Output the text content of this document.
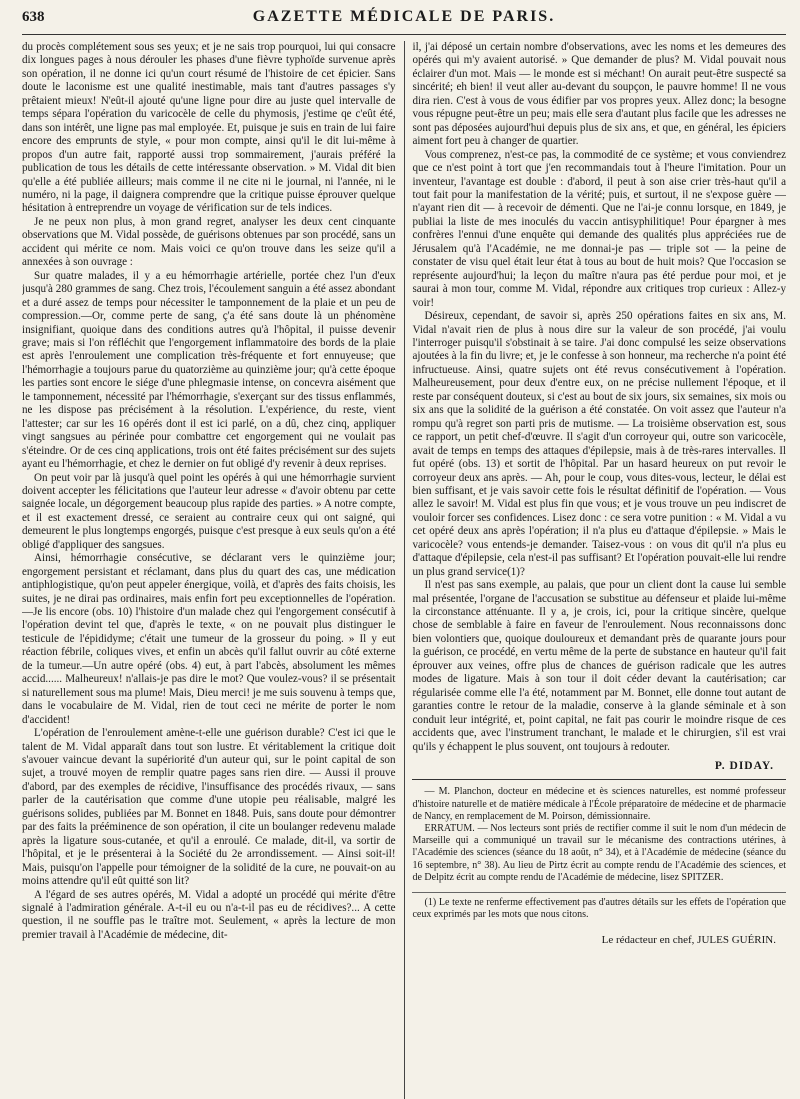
638	GAZETTE MÉDICALE DE PARIS.

du procès complétement sous ses yeux; et je ne sais trop pourquoi, lui qui consacre dix longues pages à nous dérouler les phases d'une fièvre typhoïde survenue après son opération, il ne donne ici qu'un court résumé de l'histoire de cet épicier. Sans doute le laconisme est une qualité inestimable, mais tant d'autres passages s'y prêtaient mieux! N'eût-il ajouté qu'une ligne pour dire au juste quel intervalle de temps sépara l'opération du varicocèle de celle du phymosis, j'estime qe c'eût été, dans son intérêt, une ligne pas mal employée. Et, puisque je suis en train de lui faire encore des emprunts de style, « pour mon compte, ainsi qu'il le dit lui-même à propos d'un autre fait, rapporté aussi trop sommairement, j'aurais préféré la publication de tous les détails de cette intéressante observation. » M. Vidal dit bien qu'elle a été publiée ailleurs; mais comme il ne cite ni le journal, ni l'année, ni le numéro, ni la page, il daignera comprendre que la critique puisse éprouver quelque hésitation à entreprendre un voyage de vérification sur de tels indices.

Je ne peux non plus, à mon grand regret, analyser les deux cent cinquante observations que M. Vidal possède, de guérisons obtenues par son procédé, sans un accident qui mérite ce nom. Mais voici ce qu'on trouve dans les seize qu'il a annexées à son ouvrage :

Sur quatre malades, il y a eu hémorrhagie artérielle, portée chez l'un d'eux jusqu'à 280 grammes de sang. Chez trois, l'écoulement sanguin a été assez abondant et a duré assez de temps pour nécessiter le tamponnement de la plaie et un peu de compression.—Or, comme perte de sang, ç'a été sans doute là un phénomène insignifiant, quoique dans des conditions autres qu'à l'hôpital, il puisse devenir grave; mais si l'on réfléchit que l'engorgement inflammatoire des bords de la plaie est après l'enroulement une complication très-fréquente et fort ennuyeuse; que l'hémorrhagie a toujours parue du quatorzième au quinzième jour; qu'à cette époque les parties sont encore le siége d'une phlegmasie intense, on concevra aisément que le tamponnement, nécessité par l'hémorrhagie, s'exerçant sur des tissus enflammés, ne les dispose pas précisément à la résolution. L'expérience, du reste, vient l'attester; car sur les 16 opérés dont il est ici parlé, on a dû, chez cinq, appliquer vingt sangsues au périnée pour combattre cet engorgement qui ne voulait pas s'éteindre. Or de ces cinq applications, trois ont été faites précisément sur des sujets ayant eu l'hémorrhagie, et chez le dernier on fut obligé d'y revenir à deux reprises.

On peut voir par là jusqu'à quel point les opérés à qui une hémorrhagie survient doivent accepter les félicitations que l'auteur leur adresse « d'avoir obtenu par cette saignée locale, un dégorgement beaucoup plus rapide des parties. » A notre compte, et il est exactement dressé, ce seraient au contraire ceux qui ont saigné, qui demeurent le plus longtemps engorgés, puisque c'est presque à eux seuls qu'on a été obligé d'appliquer des sangsues.

Ainsi, hémorrhagie consécutive, se déclarant vers le quinzième jour; engorgement persistant et réclamant, dans plus du quart des cas, une médication antiphlogistique, qu'on peut appeler énergique, voilà, et d'après des faits choisis, les suites, je ne dirai pas ordinaires, mais enfin fort peu exceptionnelles de l'opération.—Je lis encore (obs. 10) l'histoire d'un malade chez qui l'engorgement consécutif à l'opération devint tel que, d'après le texte, « on ne pouvait plus distinguer le testicule de l'épididyme; c'était une tumeur de la grosseur du poing. » Il y eut réaction fébrile, coliques vives, et enfin un abcès qu'il fallut ouvrir au côté externe de la tumeur.—Un autre opéré (obs. 4) eut, à part l'abcès, absolument les mêmes accid...... Malheureux! n'allais-je pas dire le mot? Que voulez-vous? il se présentait si naturellement sous ma plume! Mais, Dieu merci! je me suis souvenu à temps que, dans le vocabulaire de M. Vidal, rien de tout ceci ne mérite de porter le nom d'accident!

L'opération de l'enroulement amène-t-elle une guérison durable? C'est ici que le talent de M. Vidal apparaît dans tout son lustre. Et véritablement la critique doit s'avouer vaincue devant la supériorité d'un auteur qui, sur le point capital de son sujet, a trouvé moyen de remplir quatre pages sans rien dire. — Aussi il prouve d'abord, par des exemples de récidive, l'insuffisance des procédés rivaux, — sans parler de la cautérisation que comme d'une utopie peu réalisable, malgré les guérisons solides, publiées par M. Bonnet en 1848. Puis, sans doute pour démontrer par des faits la prééminence de son opération, il cite un boulanger redevenu malade après la ligature sous-cutanée, et qu'il a enroulé. Ce malade, dit-il, va sortir de l'hôpital, et je le présenterai à la Société du 2e arrondissement. — Ainsi soit-il! Mais, puisqu'on l'appelle pour témoigner de la solidité de la cure, ne pouvait-on au moins attendre qu'il eût quitté son lit?

A l'égard de ses autres opérés, M. Vidal a adopté un procédé qui mérite d'être signalé à l'admiration générale. A-t-il eu ou n'a-t-il pas eu de récidives?... A cette question, il ne souffle pas le traître mot. Seulement, « après la lecture de mon premier travail à l'Académie de médecine, dit-

il, j'ai déposé un certain nombre d'observations, avec les noms et les demeures des opérés qui m'y avaient autorisé. » Que demander de plus? M. Vidal pouvait nous éclairer d'un mot. Mais — le monde est si méchant! On aurait peut-être suspecté sa sincérité; eh bien! il veut aller au-devant du soupçon, le pauvre homme! Il ne vous dira rien. C'est à vous de vous édifier par vos propres yeux. Allez donc; la besogne vous répugne peut-être un peu; mais elle sera d'autant plus facile que les adresses ne sont pas déposées aujourd'hui depuis plus de six ans, et que, en général, les épiciers aiment fort peu à changer de quartier.

Vous comprenez, n'est-ce pas, la commodité de ce système; et vous conviendrez que ce n'est point à tort que j'en recommandais tout à l'heure l'imitation. Pour un inventeur, l'avantage est double : d'abord, il peut à son aise crier très-haut qu'il a tout fait pour la manifestation de la vérité; puis, et surtout, il ne s'expose guère — n'ayant rien dit — à recevoir de démenti. Que ne l'ai-je connu lorsque, en 1849, je publiai la liste de mes inoculés du vaccin antisyphilitique! Pour épargner à mes confrères l'ennui d'une enquête qui demande des qualités plus appréciées rue de Jérusalem qu'à l'Académie, ne me donnai-je pas — triple sot — la peine de constater de visu quel était leur état à tous au bout de huit mois? Que l'occasion se représente aujourd'hui; la leçon du maître n'aura pas été perdue pour moi, et je saurai à mon tour, comme M. Vidal, répondre aux critiques trop curieux : Allez-y voir!

Désireux, cependant, de savoir si, après 250 opérations faites en six ans, M. Vidal n'avait rien de plus à nous dire sur la valeur de son procédé, j'ai voulu l'interroger puisqu'il s'obstinait à se taire. J'ai donc compulsé les seize observations ajoutées à la fin du livre; et, je le confesse à son honneur, ma recherche n'a point été infructueuse. Ainsi, quatre sujets ont été revus consécutivement à l'opération. Malheureusement, pour deux d'entre eux, on ne précise nullement l'époque, et il reste par conséquent douteux, si c'est au bout de six jours, six semaines, six mois ou six ans que la solidité de la guérison a été constatée. On voit assez que l'auteur n'a rompu qu'à regret son parti pris de mutisme. — La troisième observation est, sous ce rapport, un petit chef-d'œuvre. Il s'agit d'un corroyeur qui, outre son varicocèle, avait de temps en temps des attaques d'épilepsie, mais à de très-rares intervalles. Il fut opéré (obs. 13) et sortit de l'hôpital. Par un hasard heureux on put revoir le corroyeur deux ans après. — Ah, pour le coup, vous dites-vous, lecteur, le délai est bien suffisant, et je vais savoir cette fois le résultat définitif de l'opération. — Vous allez le savoir! M. Vidal est plus fin que vous; et je vous trouve un peu indiscret de vouloir forcer ses confidences. Lisez donc : ce sera votre punition : « M. Vidal a vu cet opéré deux ans après l'opération; il n'a plus eu d'attaque d'épilepsie. » Mais le varicocèle? vous entends-je demander. Taisez-vous : on vous dit qu'il n'a plus eu d'attaque d'épilepsie, cela n'est-il pas suffisant? Et l'opération pouvait-elle lui rendre un plus grand service(1)?

Il n'est pas sans exemple, au palais, que pour un client dont la cause lui semble mal présentée, l'organe de l'accusation se substitue au défenseur et plaide lui-même la circonstance atténuante. Il y a, je crois, ici, pour la critique sincère, quelque chose de semblable à faire en faveur de l'enroulement. Nous reconnaissons donc bien volontiers que, quoique douloureux et demandant près de quarante jours pour la guérison, ce procédé, en vertu même de la perte de substance en hauteur qu'il fait éprouver aux veines, offre plus de chances de guérison radicale que les autres modes de ligature. Mais à son tour il doit céder devant la cautérisation; car régularisée comme elle l'a été, notamment par M. Bonnet, elle donne tout autant de garanties contre le retour de la maladie, conserve à la glande séminale et à son conduit leur intégrité, et, point capital, ne fait pas courir le moindre risque de ces accidents que, avec l'instrument tranchant, le malade et le chirurgien, s'il est vrai qu'ils y échappent le plus souvent, ont toujours à redouter.

P. DIDAY.

— M. Planchon, docteur en médecine et ès sciences naturelles, est nommé professeur d'histoire naturelle et de matière médicale à l'École préparatoire de médecine et de pharmacie de Nancy, en remplacement de M. Poirson, démissionnaire.

ERRATUM. — Nos lecteurs sont priés de rectifier comme il suit le nom d'un médecin de Marseille qui a communiqué un travail sur le mécanisme des contractions utérines, à l'Académie des sciences (séance du 18 août, n° 34), et à l'Académie de médecine (séance du 16 septembre, n° 38). Au lieu de Pirtz écrit au compte rendu de l'Académie des sciences, et de Delpitz écrit au compte rendu de l'Académie de médecine, lisez SPITZER.

(1) Le texte ne renferme effectivement pas d'autres détails sur les effets de l'opération que ceux exprimés par les mots que nous citons.

Le rédacteur en chef, JULES GUÉRIN.
